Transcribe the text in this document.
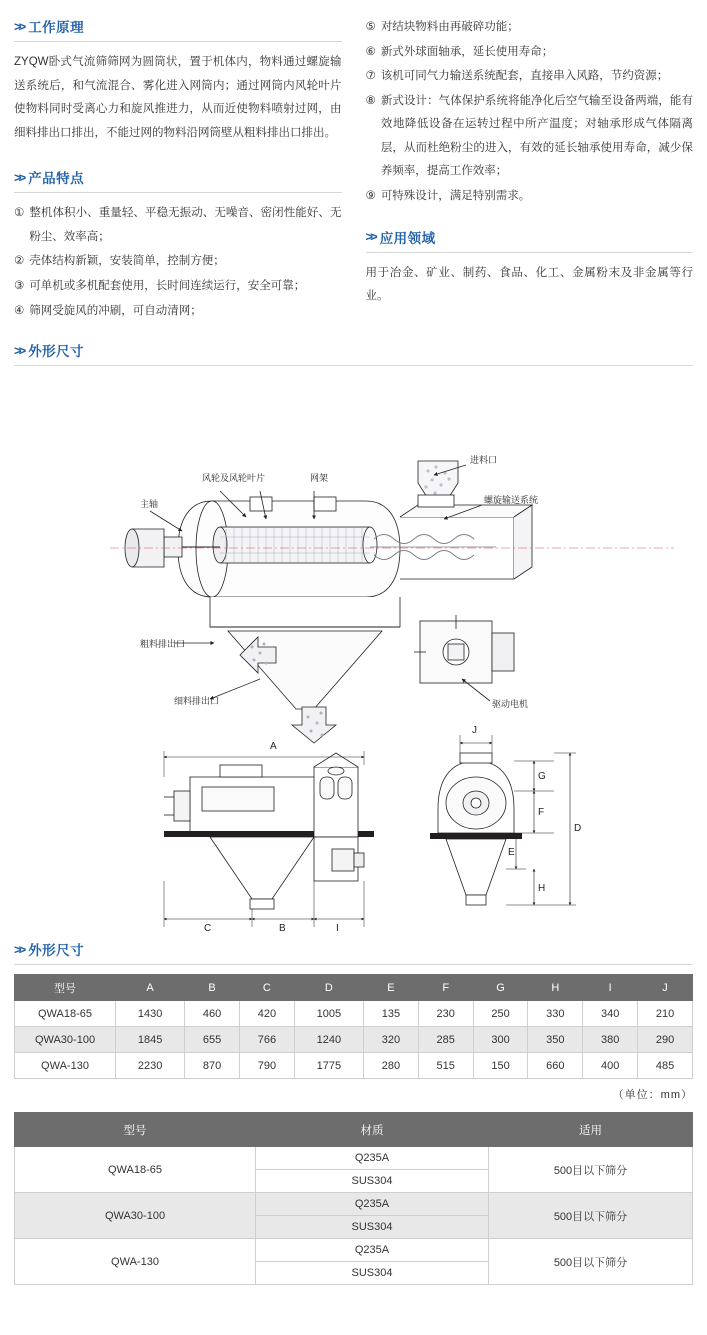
>> 工作原理

ZYQW卧式气流筛筛网为圆筒状，置于机体内，物料通过螺旋输送系统后，和气流混合、雾化进入网筒内；通过网筒内风轮叶片使物料同时受离心力和旋风推进力，从而近使物料喷射过网，由细料排出口排出，不能过网的物料沿网筒壁从粗料排出口排出。

>> 产品特点
① 整机体积小、重量轻、平稳无振动、无噪音、密闭性能好、无粉尘、效率高；
② 壳体结构新颖，安装简单，控制方便；
③ 可单机或多机配套使用，长时间连续运行，安全可靠；
④ 筛网受旋风的冲刷，可自动清网；
⑤ 对结块物料由再破碎功能；
⑥ 新式外球面轴承，延长使用寿命；
⑦ 该机可同气力输送系统配套，直接串入风路，节约资源；
⑧ 新式设计：气体保护系统将能净化后空气输至设备两端，能有效地降低设备在运转过程中所产温度；对轴承形成气体隔离层，从而杜绝粉尘的进入，有效的延长轴承使用寿命，减少保养频率，提高工作效率；
⑨ 可特殊设计，满足特别需求。
>> 应用领域

用于冶金、矿业、制药、食品、化工、金属粉末及非金属等行业。

>> 外形尺寸
风轮及风轮叶片	网架
进料口
主轴	螺旋输送系统
粗料排出口
细料排出口	驱动电机
A
C	B	I
J
G
F
E
H
D
>> 外形尺寸
型号	A	B	C	D	E	F	G	H	I	J
QWA18-65	1430	460	420	1005	135	230	250	330	340	210
QWA30-100	1845	655	766	1240	320	285	300	350	380	290
QWA-130	2230	870	790	1775	280	515	150	660	400	485
（单位：mm）
型号	材质	适用
QWA18-65	Q235A	500目以下筛分
	SUS304	
QWA30-100	Q235A	500目以下筛分
	SUS304	
QWA-130	Q235A	500目以下筛分
	SUS304	
